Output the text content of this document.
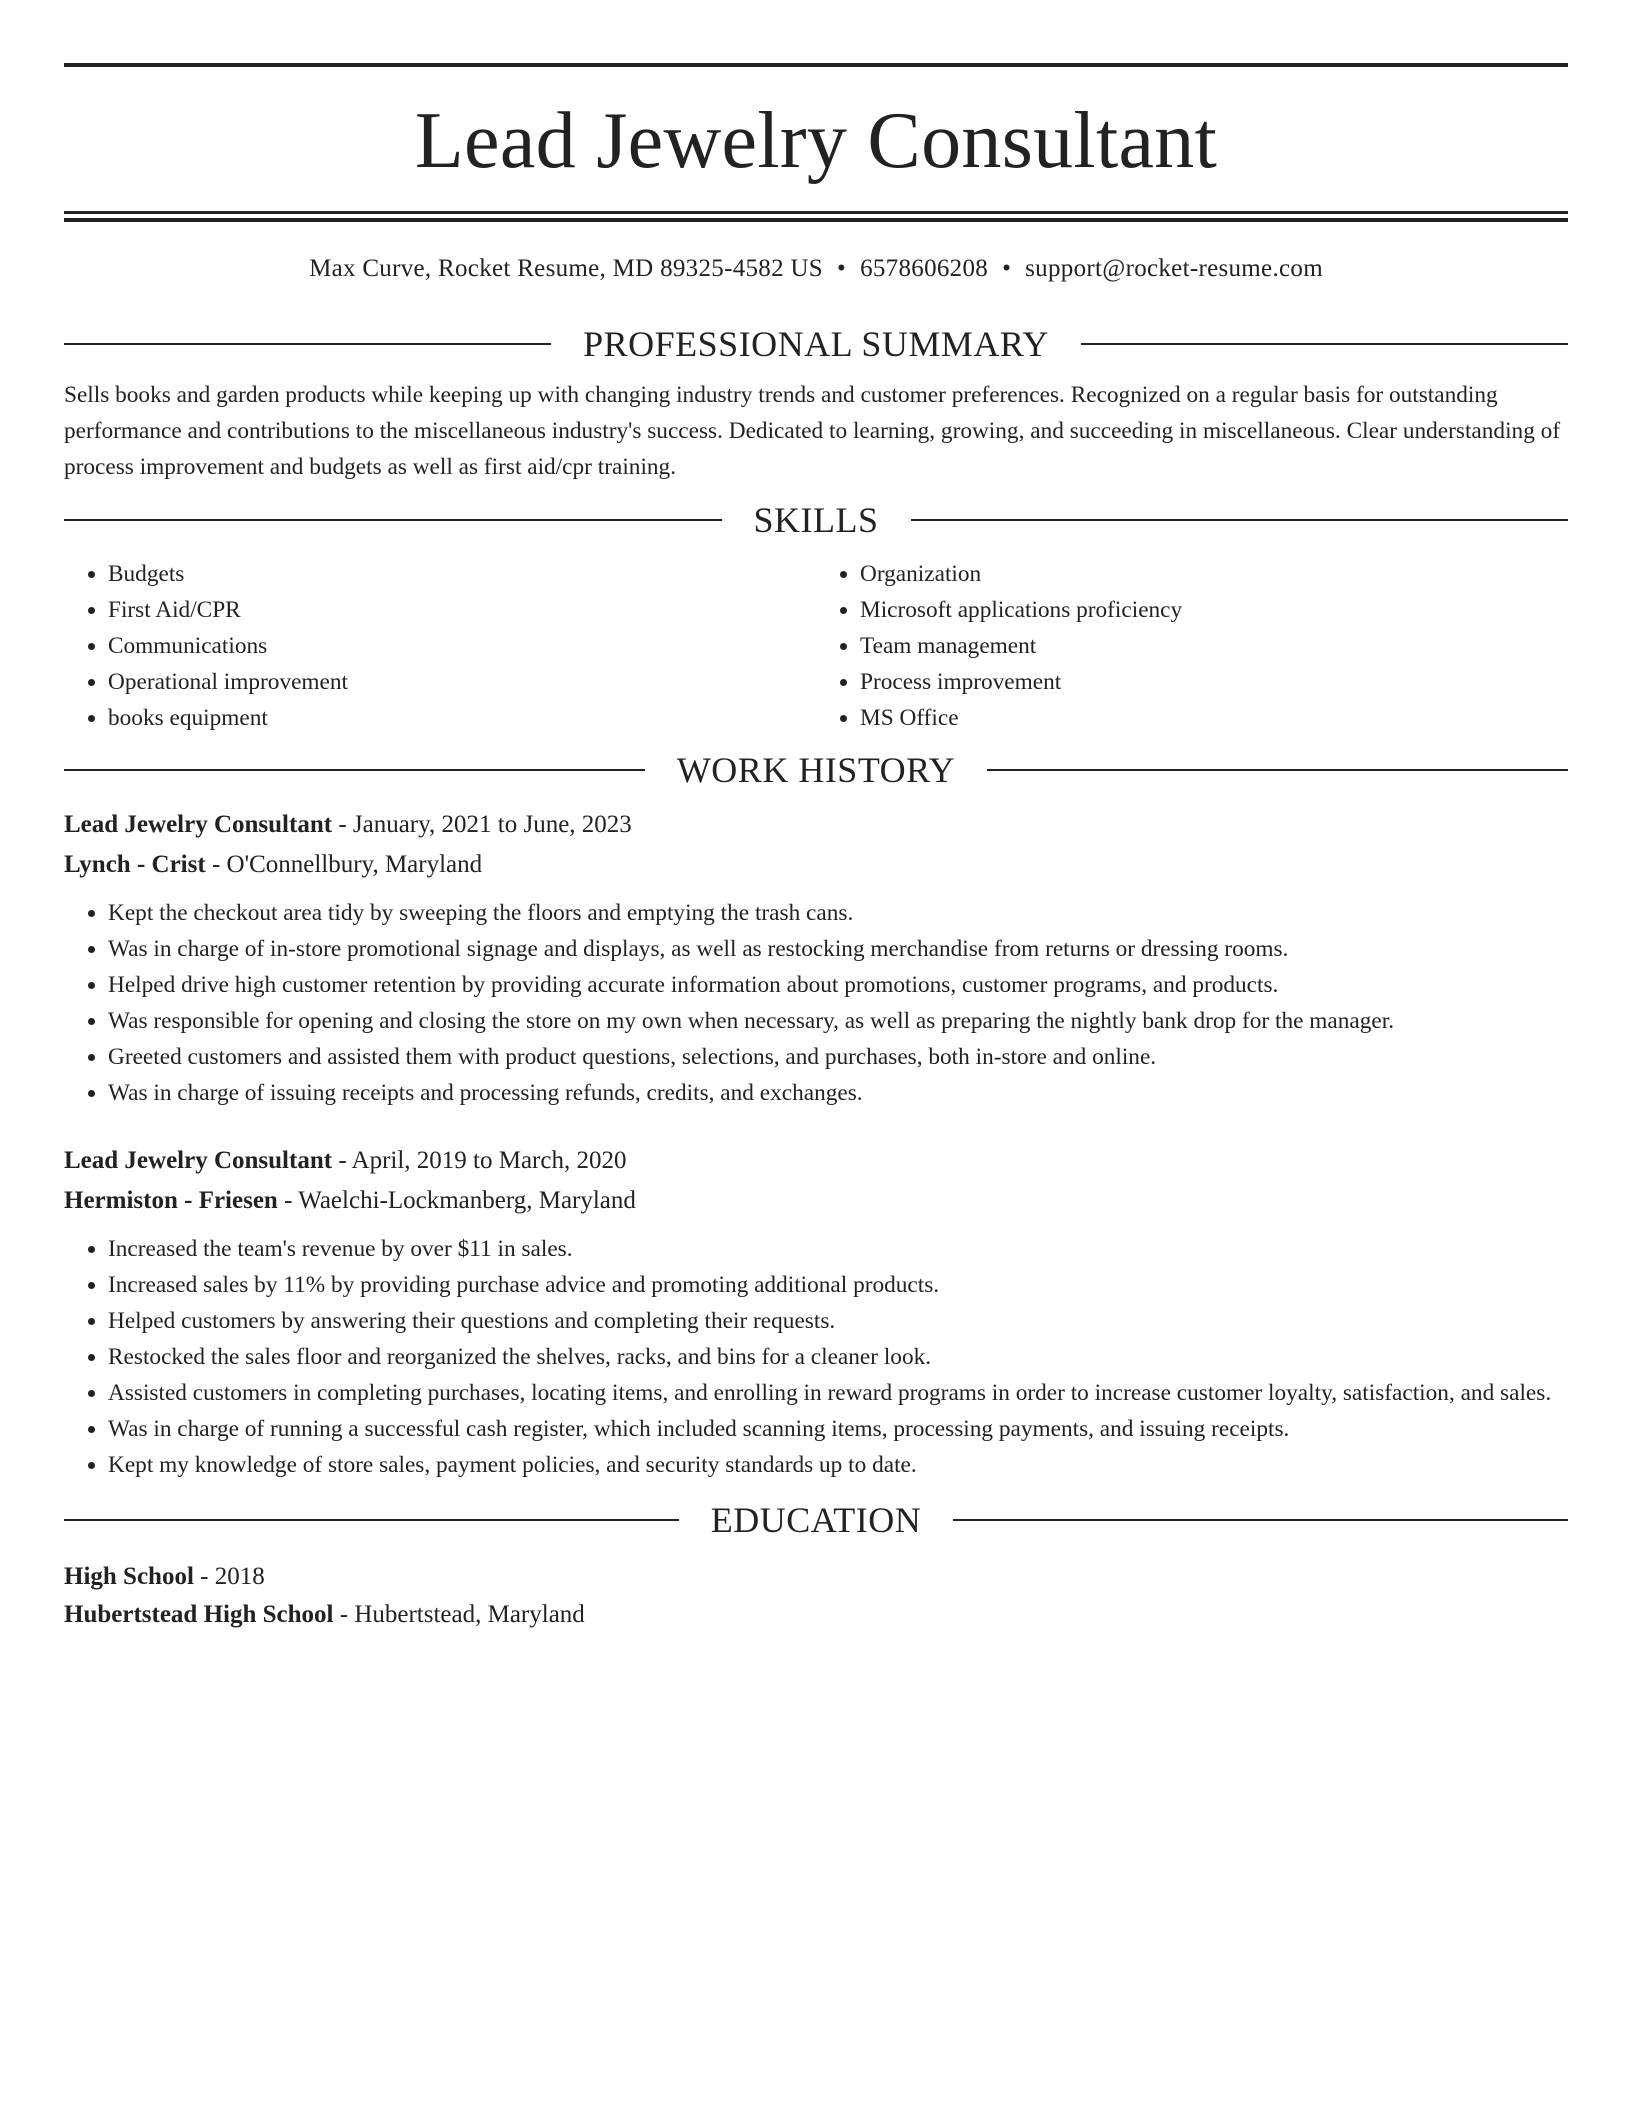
Lead Jewelry Consultant
Max Curve, Rocket Resume, MD 89325-4582 US • 6578606208 • support@rocket-resume.com
PROFESSIONAL SUMMARY
Sells books and garden products while keeping up with changing industry trends and customer preferences. Recognized on a regular basis for outstanding performance and contributions to the miscellaneous industry's success. Dedicated to learning, growing, and succeeding in miscellaneous. Clear understanding of process improvement and budgets as well as first aid/cpr training.
SKILLS
• Budgets
• First Aid/CPR
• Communications
• Operational improvement
• books equipment
• Organization
• Microsoft applications proficiency
• Team management
• Process improvement
• MS Office
WORK HISTORY
Lead Jewelry Consultant - January, 2021 to June, 2023
Lynch - Crist - O'Connellbury, Maryland
• Kept the checkout area tidy by sweeping the floors and emptying the trash cans.
• Was in charge of in-store promotional signage and displays, as well as restocking merchandise from returns or dressing rooms.
• Helped drive high customer retention by providing accurate information about promotions, customer programs, and products.
• Was responsible for opening and closing the store on my own when necessary, as well as preparing the nightly bank drop for the manager.
• Greeted customers and assisted them with product questions, selections, and purchases, both in-store and online.
• Was in charge of issuing receipts and processing refunds, credits, and exchanges.
Lead Jewelry Consultant - April, 2019 to March, 2020
Hermiston - Friesen - Waelchi-Lockmanberg, Maryland
• Increased the team's revenue by over $11 in sales.
• Increased sales by 11% by providing purchase advice and promoting additional products.
• Helped customers by answering their questions and completing their requests.
• Restocked the sales floor and reorganized the shelves, racks, and bins for a cleaner look.
• Assisted customers in completing purchases, locating items, and enrolling in reward programs in order to increase customer loyalty, satisfaction, and sales.
• Was in charge of running a successful cash register, which included scanning items, processing payments, and issuing receipts.
• Kept my knowledge of store sales, payment policies, and security standards up to date.
EDUCATION
High School - 2018
Hubertstead High School - Hubertstead, Maryland
